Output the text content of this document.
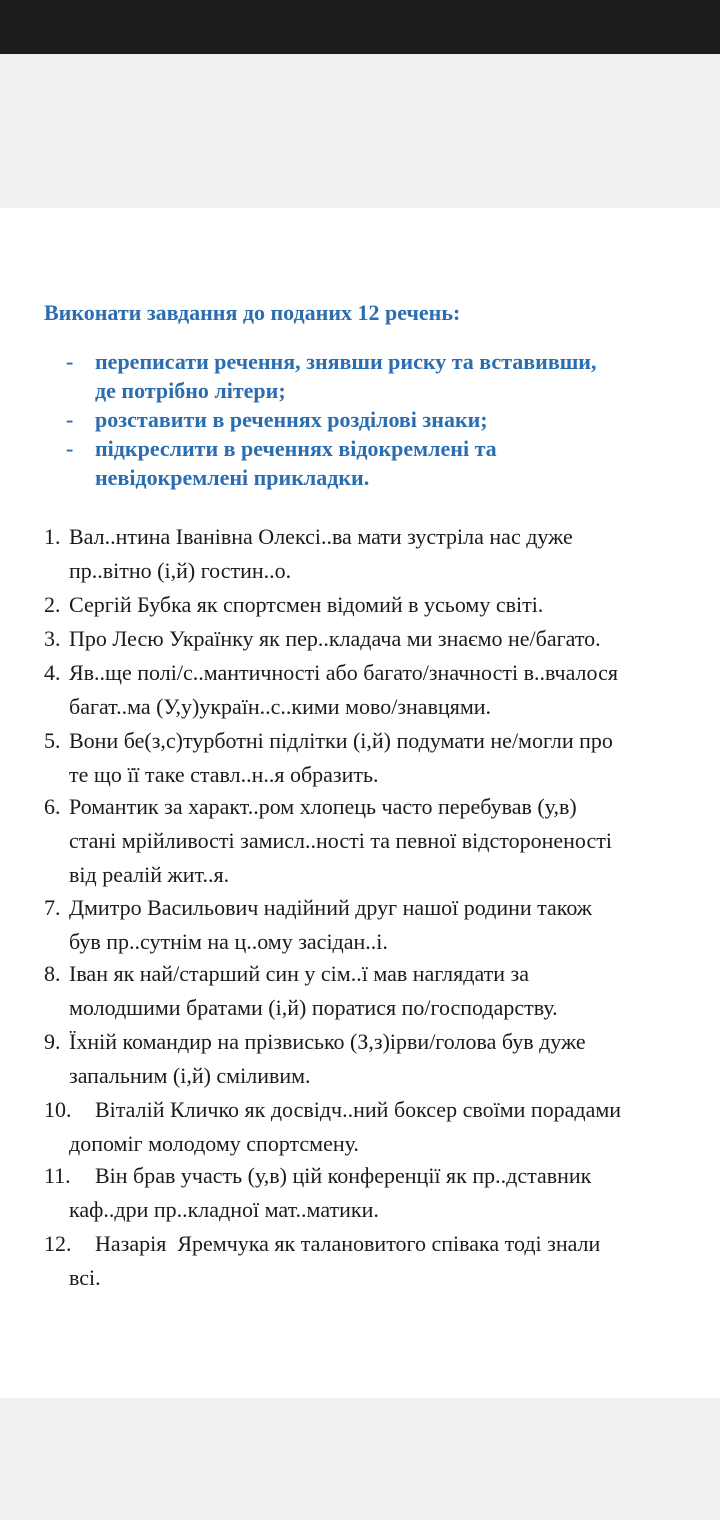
Виконати завдання до поданих 12 речень:
- переписати речення, знявши риску та вставивши,
де потрібно літери;
- розставити в реченнях розділові знаки;
- підкреслити в реченнях відокремлені та
невідокремлені прикладки.
1. Вал..нтина Іванівна Олексі..ва мати зустріла нас дуже
пр..вітно (і,й) гостин..о.
2. Сергій Бубка як спортсмен відомий в усьому світі.
3. Про Лесю Українку як пер..кладача ми знаємо не/багато.
4. Яв..ще полі/с..мантичності або багато/значності в..вчалося
багат..ма (У,у)україн..с..кими мово/знавцями.
5. Вони бе(з,с)турботні підлітки (і,й) подумати не/могли про
те що її таке ставл..н..я образить.
6. Романтик за характ..ром хлопець часто перебував (у,в)
стані мрійливості замисл..ності та певної відстороненості
від реалій жит..я.
7. Дмитро Васильович надійний друг нашої родини також
був пр..сутнім на ц..ому засідан..і.
8. Іван як най/старший син у сім..ї мав наглядати за
молодшими братами (і,й) поратися по/господарству.
9. Їхній командир на прізвисько (З,з)ірви/голова був дуже
запальним (і,й) сміливим.
10.	Віталій Кличко як досвідч..ний боксер своїми порадами
допоміг молодому спортсмену.
11.	Він брав участь (у,в) цій конференції як пр..дставник
каф..дри пр..кладної мат..матики.
12.	Назарія  Яремчука як талановитого співака тоді знали
всі.
